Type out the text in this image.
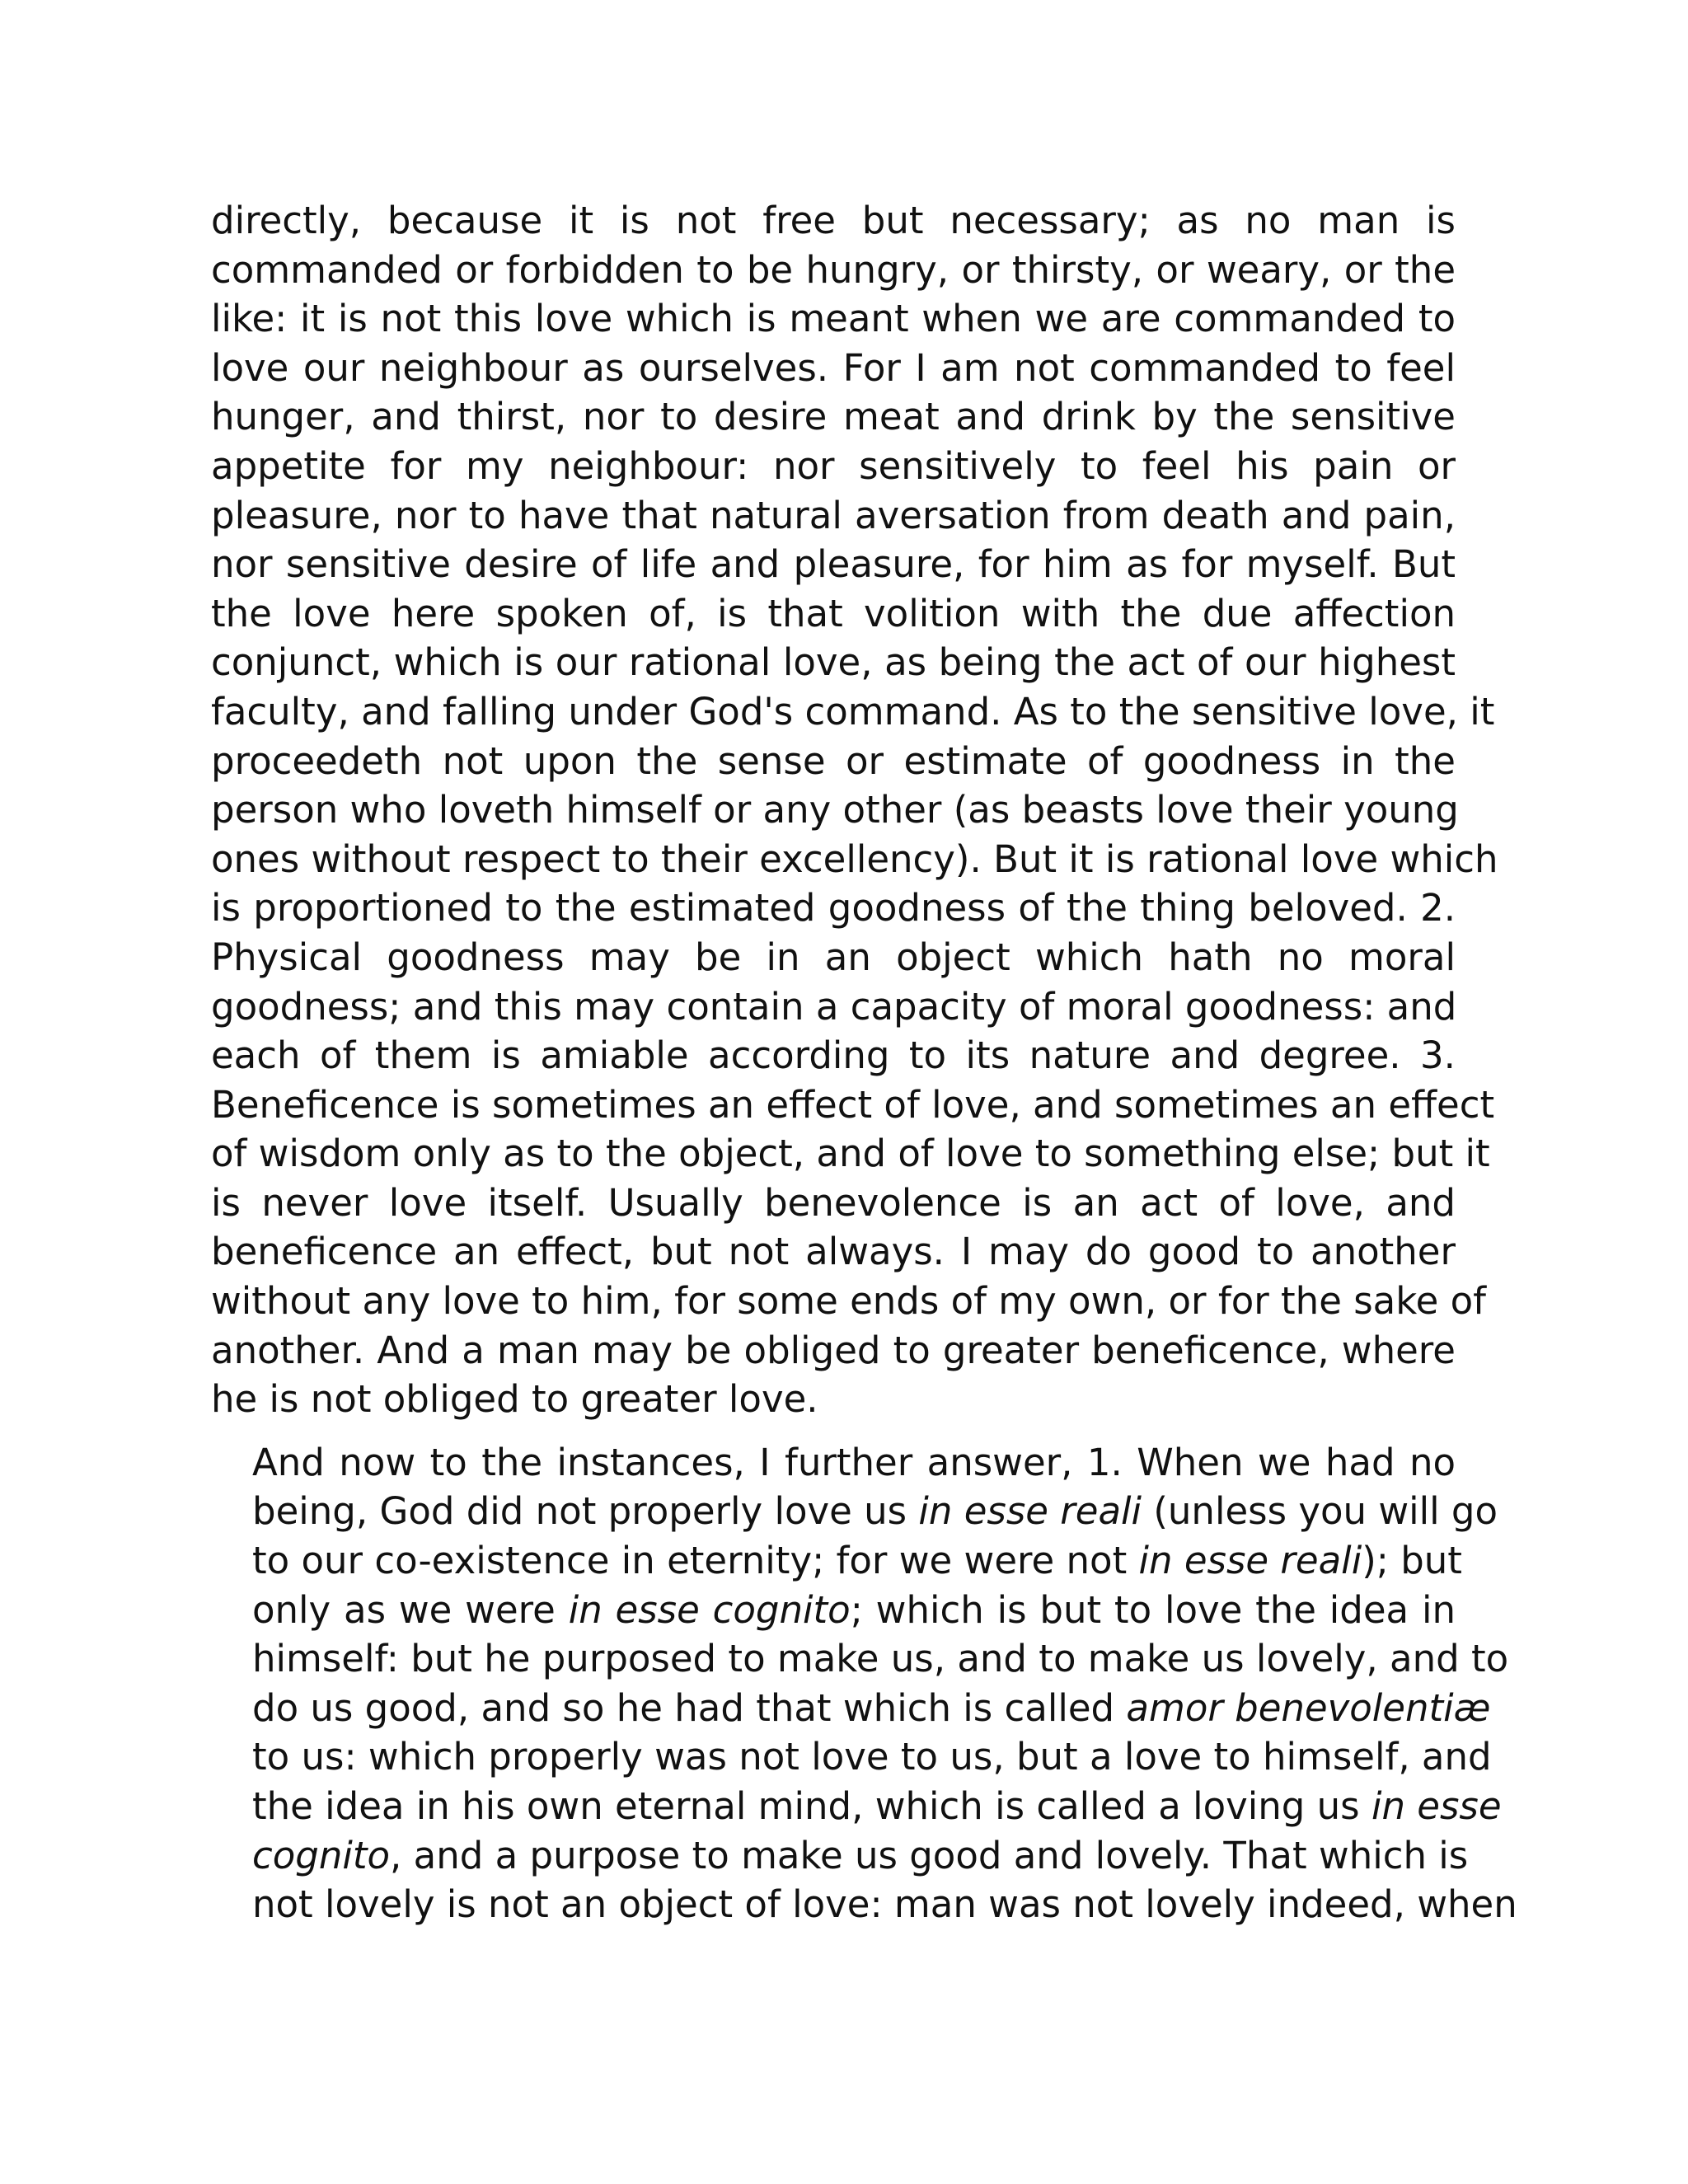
directly, because it is not free but necessary; as no man is
commanded or forbidden to be hungry, or thirsty, or weary, or the
like: it is not this love which is meant when we are commanded to
love our neighbour as ourselves. For I am not commanded to feel
hunger, and thirst, nor to desire meat and drink by the sensitive
appetite for my neighbour: nor sensitively to feel his pain or
pleasure, nor to have that natural aversation from death and pain,
nor sensitive desire of life and pleasure, for him as for myself. But
the love here spoken of, is that volition with the due affection
conjunct, which is our rational love, as being the act of our highest
faculty, and falling under God's command. As to the sensitive love, it
proceedeth not upon the sense or estimate of goodness in the
person who loveth himself or any other (as beasts love their young
ones without respect to their excellency). But it is rational love which
is proportioned to the estimated goodness of the thing beloved. 2.
Physical goodness may be in an object which hath no moral
goodness; and this may contain a capacity of moral goodness: and
each of them is amiable according to its nature and degree. 3.
Beneficence is sometimes an effect of love, and sometimes an effect
of wisdom only as to the object, and of love to something else; but it
is never love itself. Usually benevolence is an act of love, and
beneficence an effect, but not always. I may do good to another
without any love to him, for some ends of my own, or for the sake of
another. And a man may be obliged to greater beneficence, where
he is not obliged to greater love.
And now to the instances, I further answer, 1. When we had no
being, God did not properly love us in esse reali (unless you will go
to our co-existence in eternity; for we were not in esse reali); but
only as we were in esse cognito; which is but to love the idea in
himself: but he purposed to make us, and to make us lovely, and to
do us good, and so he had that which is called amor benevolentiæ
to us: which properly was not love to us, but a love to himself, and
the idea in his own eternal mind, which is called a loving us in esse
cognito, and a purpose to make us good and lovely. That which is
not lovely is not an object of love: man was not lovely indeed, when
